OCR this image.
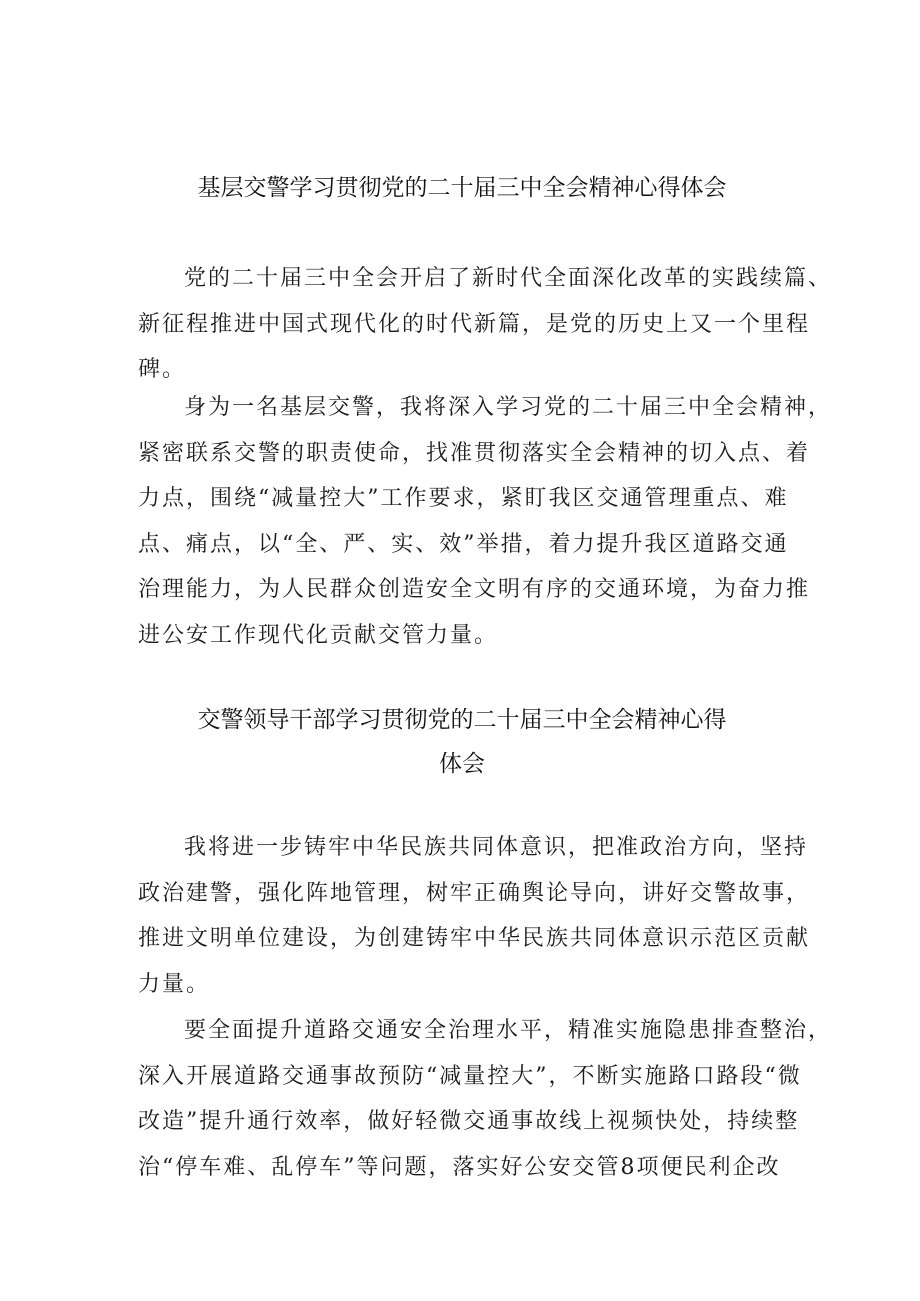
基层交警学习贯彻党的二十届三中全会精神心得体会

党的二十届三中全会开启了新时代全面深化改革的实践续篇、
新征程推进中国式现代化的时代新篇，是党的历史上又一个里程
碑。

身为一名基层交警，我将深入学习党的二十届三中全会精神，
紧密联系交警的职责使命，找准贯彻落实全会精神的切入点、着
力点，围绕“减量控大”工作要求，紧盯我区交通管理重点、难
点、痛点，以“全、严、实、效”举措，着力提升我区道路交通
治理能力，为人民群众创造安全文明有序的交通环境，为奋力推
进公安工作现代化贡献交管力量。

交警领导干部学习贯彻党的二十届三中全会精神心得
体会

我将进一步铸牢中华民族共同体意识，把准政治方向，坚持
政治建警，强化阵地管理，树牢正确舆论导向，讲好交警故事，
推进文明单位建设，为创建铸牢中华民族共同体意识示范区贡献
力量。

要全面提升道路交通安全治理水平，精准实施隐患排查整治，
深入开展道路交通事故预防“减量控大”，不断实施路口路段“微
改造”提升通行效率，做好轻微交通事故线上视频快处，持续整
治“停车难、乱停车”等问题，落实好公安交管8项便民利企改
